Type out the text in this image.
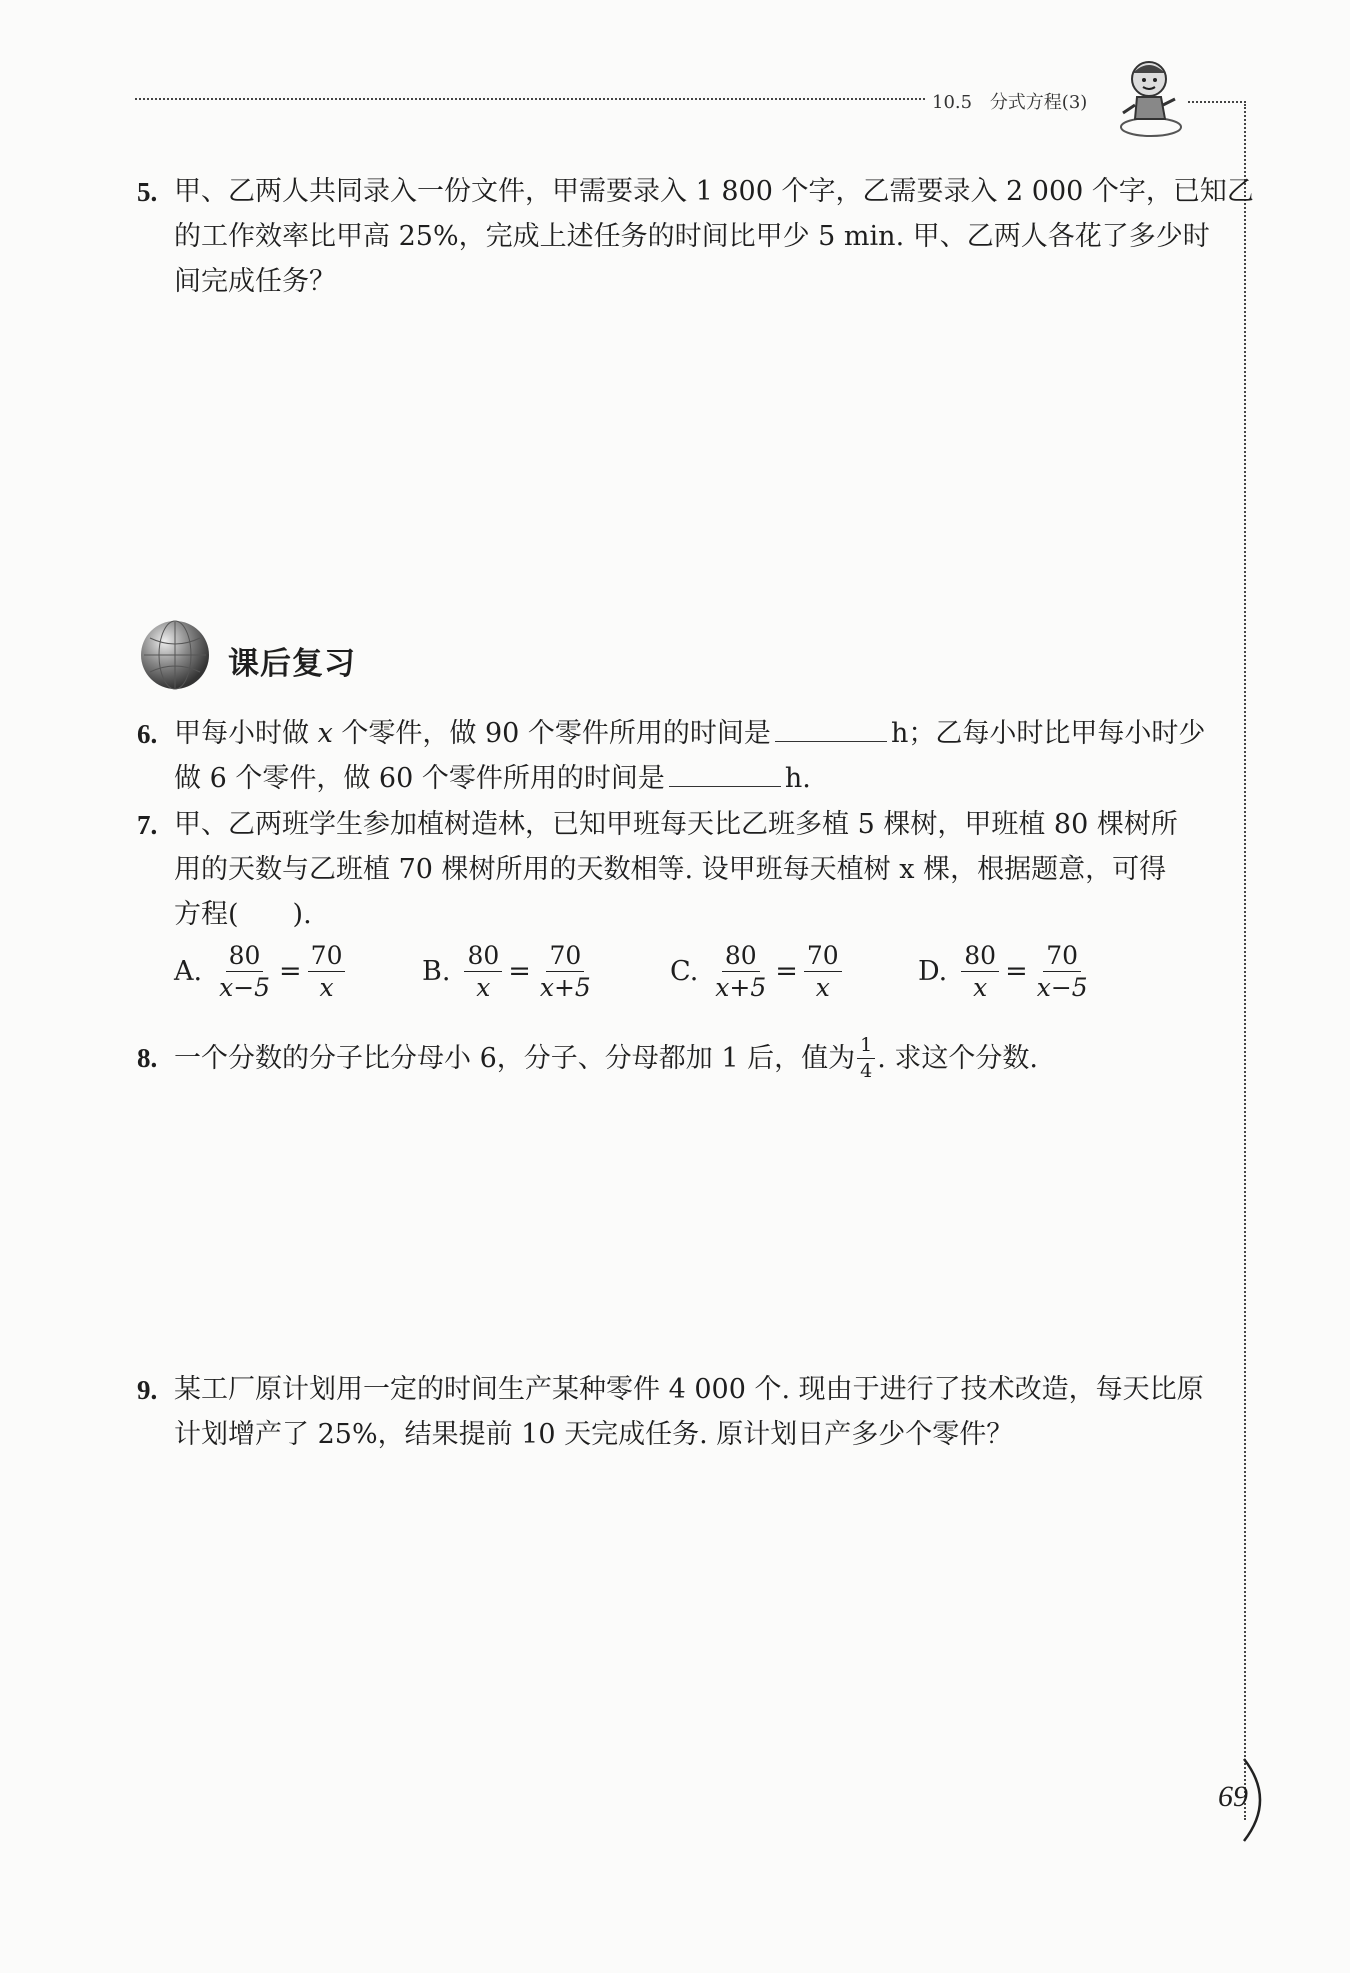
10.5 分式方程(3)
5. 甲、乙两人共同录入一份文件，甲需要录入 1 800 个字，乙需要录入 2 000 个字，已知乙
的工作效率比甲高 25%，完成上述任务的时间比甲少 5 min. 甲、乙两人各花了多少时
间完成任务？
课后复习
6. 甲每小时做 x 个零件，做 90 个零件所用的时间是	h；乙每小时比甲每小时少
做 6 个零件，做 60 个零件所用的时间是	h.
7. 甲、乙两班学生参加植树造林，已知甲班每天比乙班多植 5 棵树，甲班植 80 棵树所
用的天数与乙班植 70 棵树所用的天数相等. 设甲班每天植树 x 棵，根据题意，可得
方程(　　).
A. $\frac{80}{x-5} = \frac{70}{x}$	B. $\frac{80}{x} = \frac{70}{x+5}$	C. $\frac{80}{x+5} = \frac{70}{x}$	D. $\frac{80}{x} = \frac{70}{x-5}$
8. 一个分数的分子比分母小 6，分子、分母都加 1 后，值为 $\frac{1}{4}$ . 求这个分数.
9. 某工厂原计划用一定的时间生产某种零件 4 000 个. 现由于进行了技术改造，每天比原
计划增产了 25%，结果提前 10 天完成任务. 原计划日产多少个零件？
69
